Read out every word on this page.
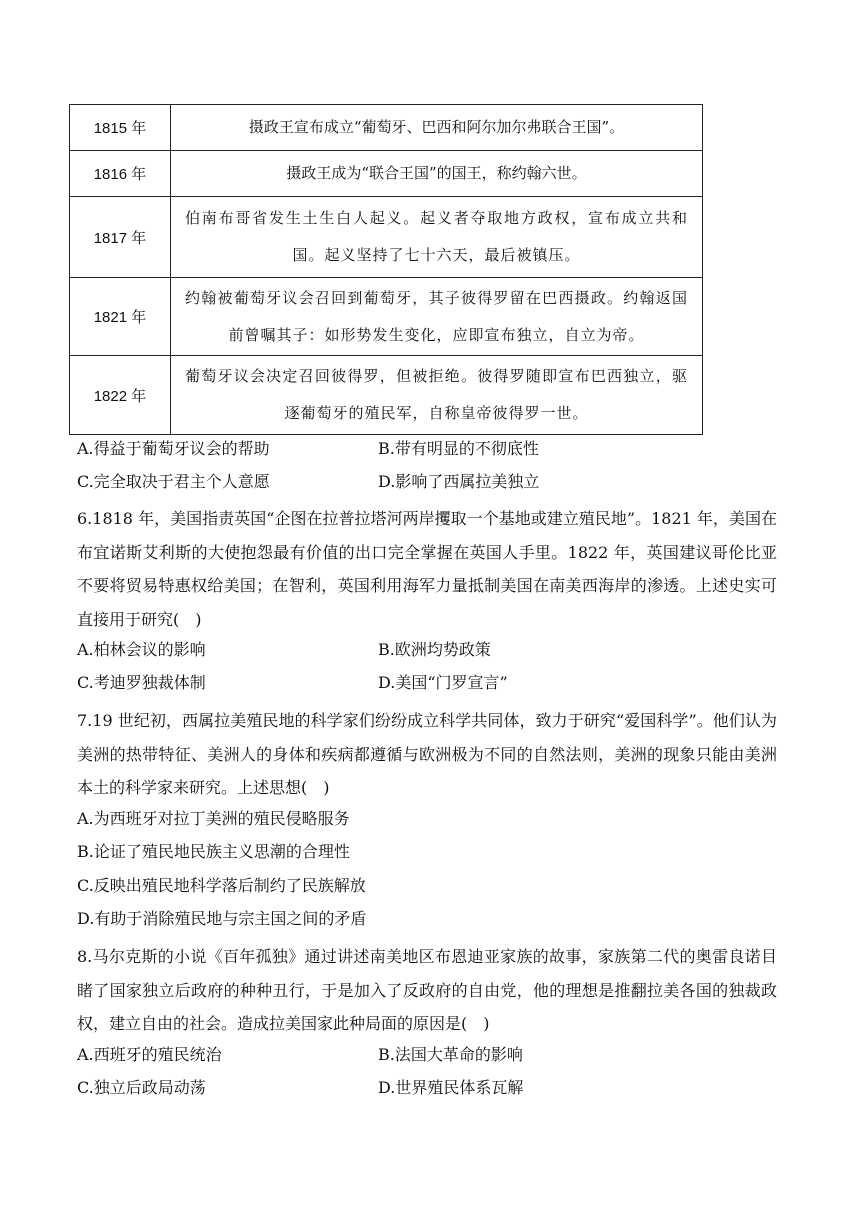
1815 年	摄政王宣布成立“葡萄牙、巴西和阿尔加尔弗联合王国”。
1816 年	摄政王成为“联合王国”的国王，称约翰六世。
1817 年	伯南布哥省发生土生白人起义。起义者夺取地方政权，宣布成立共和国。起义坚持了七十六天，最后被镇压。
1821 年	约翰被葡萄牙议会召回到葡萄牙，其子彼得罗留在巴西摄政。约翰返国前曾嘱其子：如形势发生变化，应即宣布独立，自立为帝。
1822 年	葡萄牙议会决定召回彼得罗，但被拒绝。彼得罗随即宣布巴西独立，驱逐葡萄牙的殖民军，自称皇帝彼得罗一世。
A.得益于葡萄牙议会的帮助	B.带有明显的不彻底性
C.完全取决于君主个人意愿	D.影响了西属拉美独立
6.1818 年，美国指责英国“企图在拉普拉塔河两岸攫取一个基地或建立殖民地”。1821 年，美国在布宜诺斯艾利斯的大使抱怨最有价值的出口完全掌握在英国人手里。1822 年，英国建议哥伦比亚不要将贸易特惠权给美国；在智利，英国利用海军力量抵制美国在南美西海岸的渗透。上述史实可直接用于研究(　)
A.柏林会议的影响	B.欧洲均势政策
C.考迪罗独裁体制	D.美国“门罗宣言”
7.19 世纪初，西属拉美殖民地的科学家们纷纷成立科学共同体，致力于研究“爱国科学”。他们认为美洲的热带特征、美洲人的身体和疾病都遵循与欧洲极为不同的自然法则，美洲的现象只能由美洲本土的科学家来研究。上述思想(　)
A.为西班牙对拉丁美洲的殖民侵略服务
B.论证了殖民地民族主义思潮的合理性
C.反映出殖民地科学落后制约了民族解放
D.有助于消除殖民地与宗主国之间的矛盾
8.马尔克斯的小说《百年孤独》通过讲述南美地区布恩迪亚家族的故事，家族第二代的奥雷良诺目睹了国家独立后政府的种种丑行，于是加入了反政府的自由党，他的理想是推翻拉美各国的独裁政权，建立自由的社会。造成拉美国家此种局面的原因是(　)
A.西班牙的殖民统治	B.法国大革命的影响
C.独立后政局动荡	D.世界殖民体系瓦解
